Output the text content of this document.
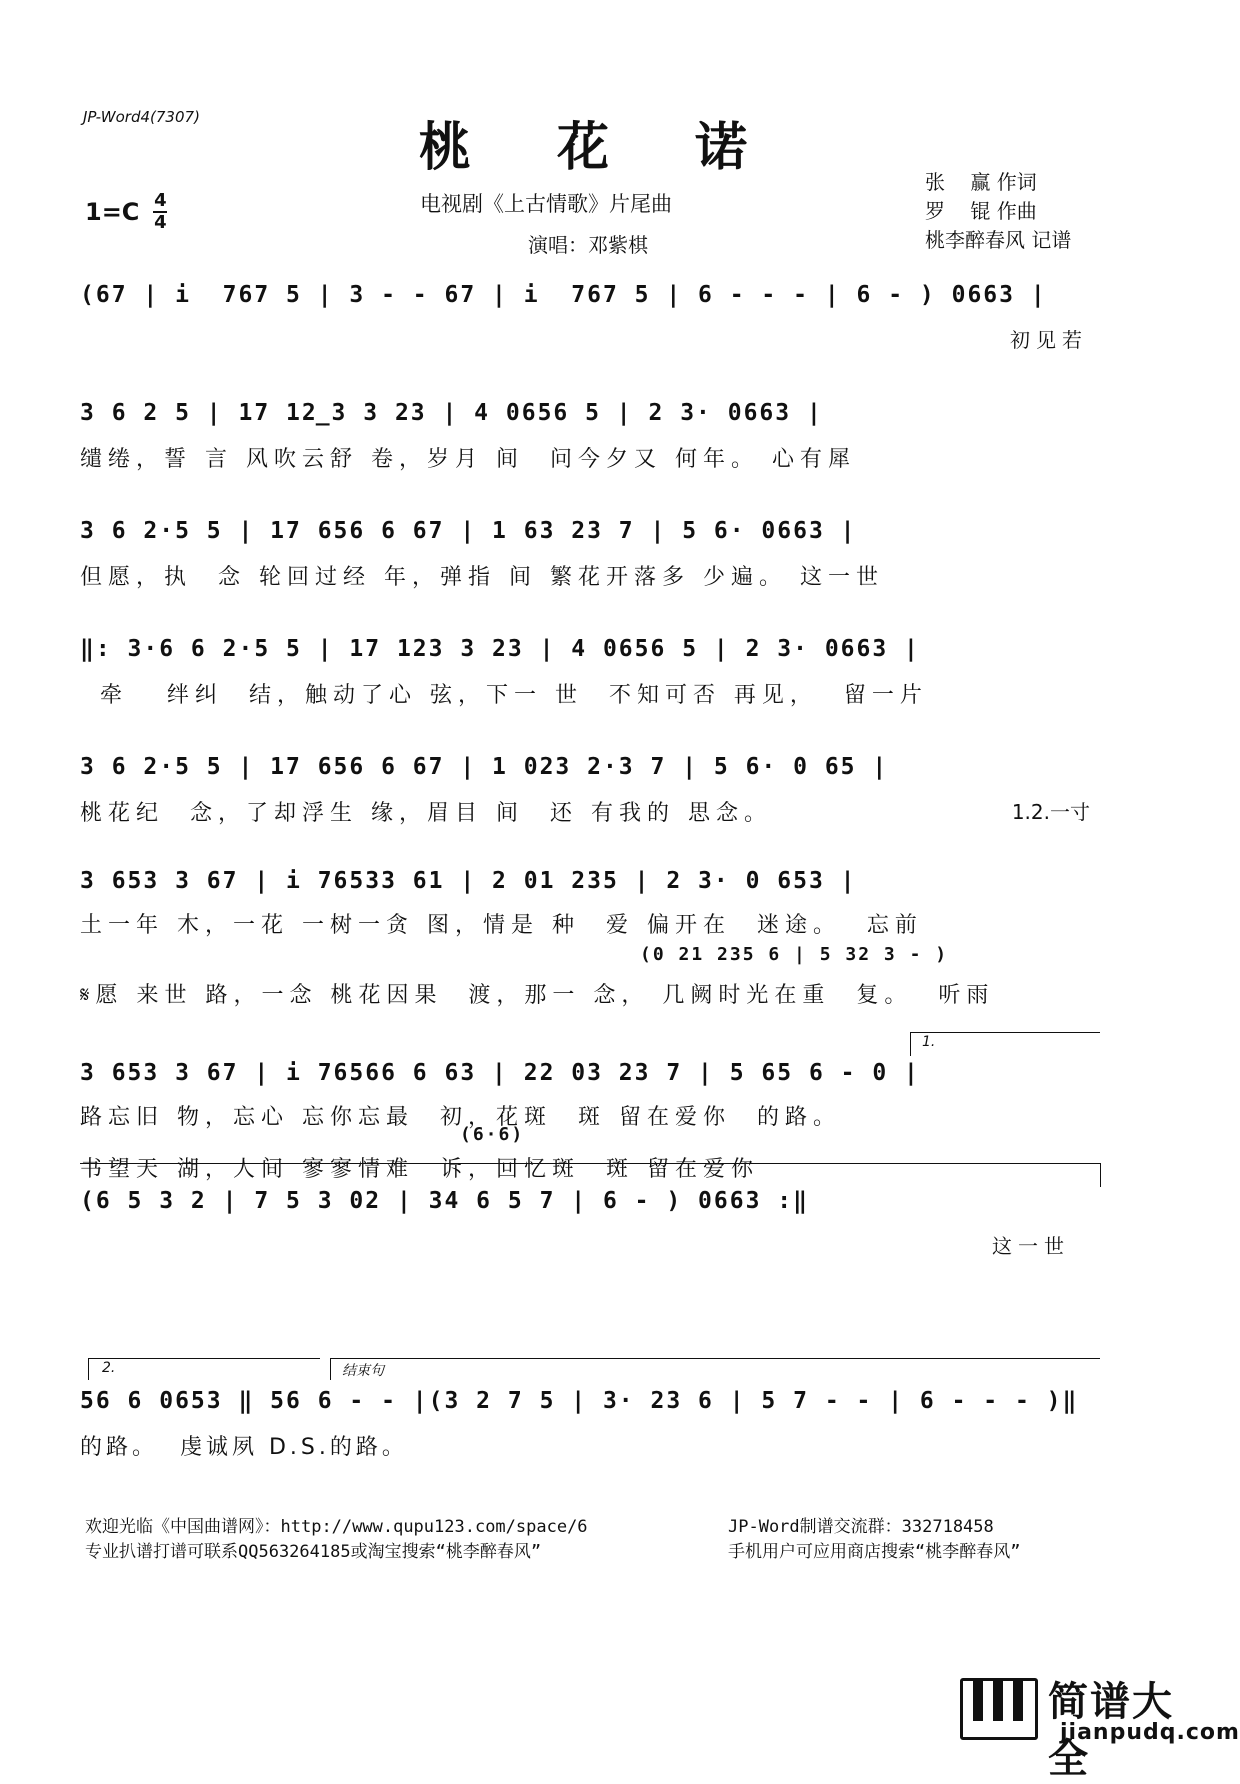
JP-Word4(7307)	桃 花 诺
$1=C \frac{4}{4}$	电视剧《上古情歌》片尾曲
演唱：邓紫棋
张    赢 作词
罗    锟 作曲
桃李醉春风 记谱
(67 | i  767 5 | 3 - - 67 | i  767 5 | 6 - - - | 6 - ) 0663 |
初见若
3 6 2 5 | 17 12̲3 3 23 | 4 0656 5 | 2 3· 0663 |
缱绻，誓 言 风吹云舒 卷，岁月 间  问今夕又 何年。 心有犀
3 6 2·5 5 | 17 656 6 67 | 1 63 23 7 | 5 6· 0663 |
但愿，执  念 轮回过经 年，弹指 间 繁花开落多 少遍。 这一世
‖: 3·6 6 2·5 5 | 17 123 3 23 | 4 0656 5 | 2 3· 0663 |
牵   绊纠  结，触动了心 弦，下一 世  不知可否 再见，  留一片
3 6 2·5 5 | 17 656 6 67 | 1 023 2·3 7 | 5 6· 0 65 |
桃花纪  念，了却浮生 缘，眉目 间  还 有我的 思念。	1.2.一寸
3 653 3 67 | i 76533 61 | 2 01 235 | 2 3· 0 653 |
土一年 木，一花 一树一贪 图，情是 种  爱 偏开在  迷途。  忘前
(0 21 235 6 | 5 32 3 - )
𝄋愿 来世 路，一念 桃花因果  渡，那一 念， 几阙时光在重  复。  听雨
1.
3 653 3 67 | i 76566 6 63 | 22 03 23 7 | 5 65 6 - 0 |
路忘旧 物，忘心 忘你忘最  初，花斑  斑 留在爱你  的路。
(6·6)
书望天 湖，人间 寥寥情难  诉，回忆斑  斑 留在爱你
(6 5 3 2 | 7 5 3 02 | 34 6 5 7 | 6 - ) 0663 :‖
这一世
2.	结束句
56 6 0653 ‖ 56 6 - - |(3 2 7 5 | 3· 23 6 | 5 7 - - | 6 - - - )‖
的路。  虔诚夙 D.S.的路。
欢迎光临《中国曲谱网》：http://www.qupu123.com/space/6
专业扒谱打谱可联系QQ563264185或淘宝搜索“桃李醉春风”
JP-Word制谱交流群：332718458
手机用户可应用商店搜索“桃李醉春风”
简谱大全
jianpudq.com
